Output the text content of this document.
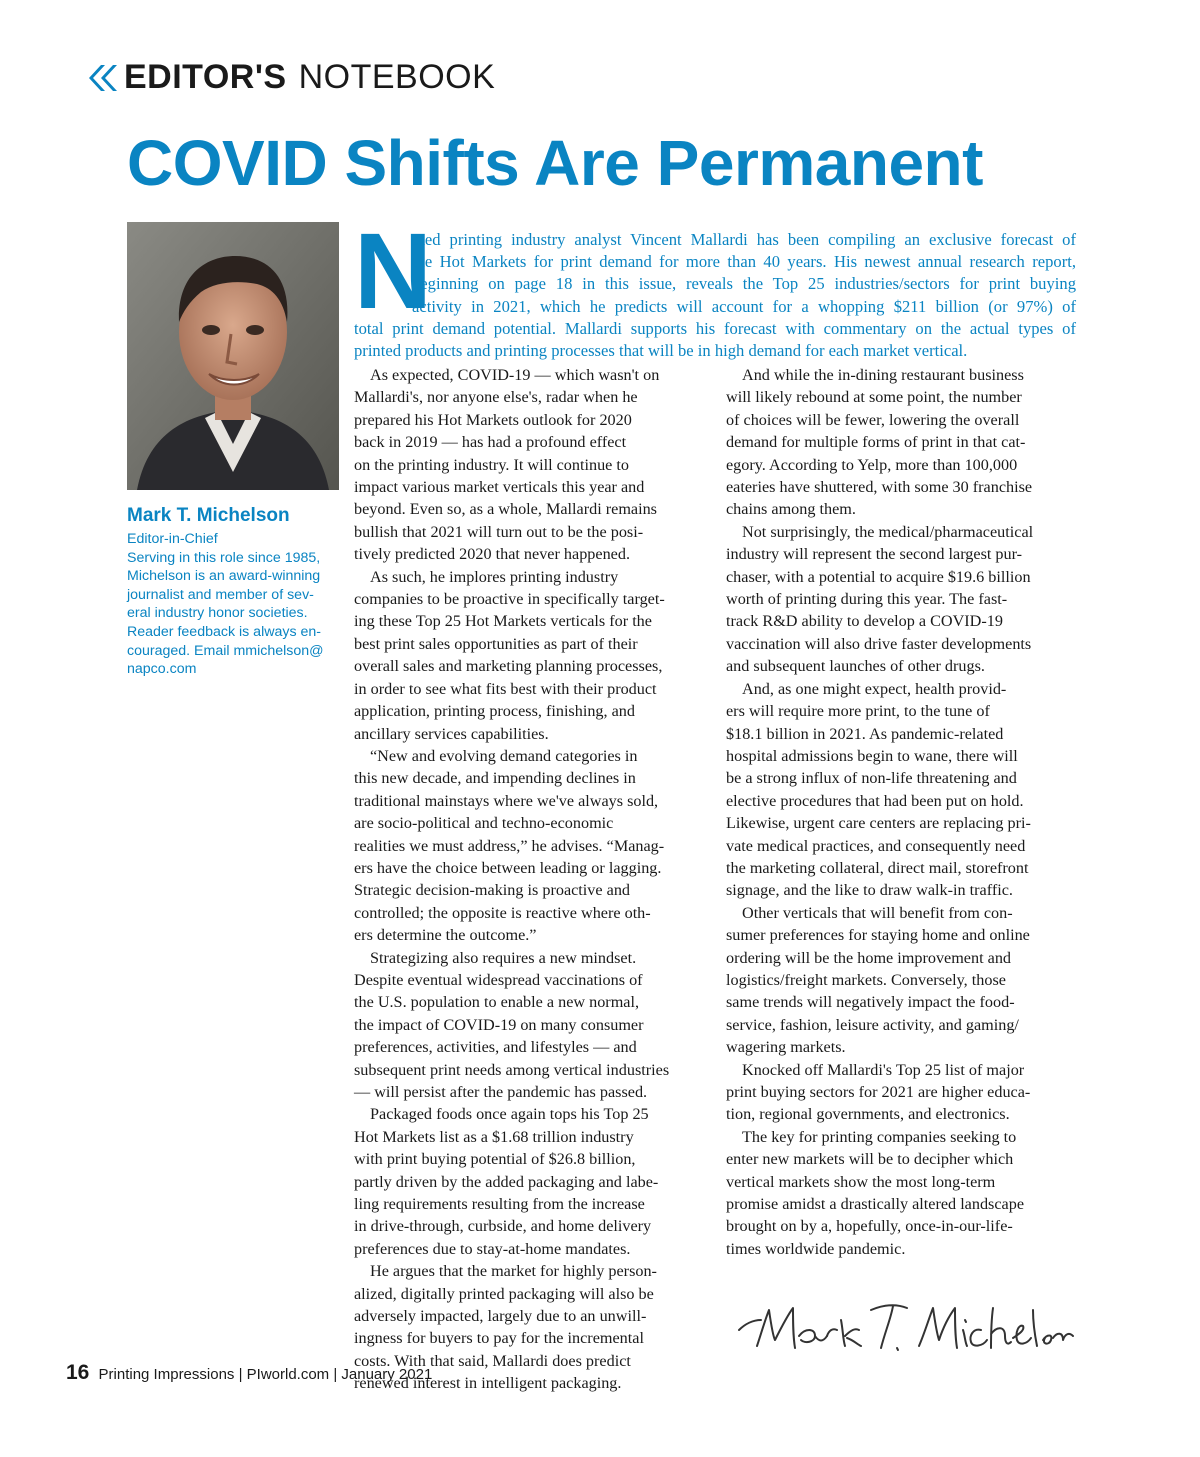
EDITOR'S NOTEBOOK
COVID Shifts Are Permanent
Mark T. Michelson
Editor-in-Chief
Serving in this role since 1985,
Michelson is an award-winning
journalist and member of sev-
eral industry honor societies.
Reader feedback is always en-
couraged. Email mmichelson@
napco.com
N
oted printing industry analyst Vincent Mallardi has been compiling an exclusive forecast of
the Hot Markets for print demand for more than 40 years. His newest annual research report,
beginning on page 18 in this issue, reveals the Top 25 industries/sectors for print buying
activity in 2021, which he predicts will account for a whopping $211 billion (or 97%) of
total print demand potential. Mallardi supports his forecast with commentary on the actual types of
printed products and printing processes that will be in high demand for each market vertical.
As expected, COVID-19 — which wasn't on
Mallardi's, nor anyone else's, radar when he
prepared his Hot Markets outlook for 2020
back in 2019 — has had a profound effect
on the printing industry. It will continue to
impact various market verticals this year and
beyond. Even so, as a whole, Mallardi remains
bullish that 2021 will turn out to be the posi-
tively predicted 2020 that never happened.
As such, he implores printing industry
companies to be proactive in specifically target-
ing these Top 25 Hot Markets verticals for the
best print sales opportunities as part of their
overall sales and marketing planning processes,
in order to see what fits best with their product
application, printing process, finishing, and
ancillary services capabilities.
“New and evolving demand categories in
this new decade, and impending declines in
traditional mainstays where we've always sold,
are socio-political and techno-economic
realities we must address,” he advises. “Manag-
ers have the choice between leading or lagging.
Strategic decision-making is proactive and
controlled; the opposite is reactive where oth-
ers determine the outcome.”
Strategizing also requires a new mindset.
Despite eventual widespread vaccinations of
the U.S. population to enable a new normal,
the impact of COVID-19 on many consumer
preferences, activities, and lifestyles — and
subsequent print needs among vertical industries
— will persist after the pandemic has passed.
Packaged foods once again tops his Top 25
Hot Markets list as a $1.68 trillion industry
with print buying potential of $26.8 billion,
partly driven by the added packaging and labe-
ling requirements resulting from the increase
in drive-through, curbside, and home delivery
preferences due to stay-at-home mandates.
He argues that the market for highly person-
alized, digitally printed packaging will also be
adversely impacted, largely due to an unwill-
ingness for buyers to pay for the incremental
costs. With that said, Mallardi does predict
renewed interest in intelligent packaging.
And while the in-dining restaurant business
will likely rebound at some point, the number
of choices will be fewer, lowering the overall
demand for multiple forms of print in that cat-
egory. According to Yelp, more than 100,000
eateries have shuttered, with some 30 franchise
chains among them.
Not surprisingly, the medical/pharmaceutical
industry will represent the second largest pur-
chaser, with a potential to acquire $19.6 billion
worth of printing during this year. The fast-
track R&D ability to develop a COVID-19
vaccination will also drive faster developments
and subsequent launches of other drugs.
And, as one might expect, health provid-
ers will require more print, to the tune of
$18.1 billion in 2021. As pandemic-related
hospital admissions begin to wane, there will
be a strong influx of non-life threatening and
elective procedures that had been put on hold.
Likewise, urgent care centers are replacing pri-
vate medical practices, and consequently need
the marketing collateral, direct mail, storefront
signage, and the like to draw walk-in traffic.
Other verticals that will benefit from con-
sumer preferences for staying home and online
ordering will be the home improvement and
logistics/freight markets. Conversely, those
same trends will negatively impact the food-
service, fashion, leisure activity, and gaming/
wagering markets.
Knocked off Mallardi's Top 25 list of major
print buying sectors for 2021 are higher educa-
tion, regional governments, and electronics.
The key for printing companies seeking to
enter new markets will be to decipher which
vertical markets show the most long-term
promise amidst a drastically altered landscape
brought on by a, hopefully, once-in-our-life-
times worldwide pandemic.
16 Printing Impressions | PIworld.com | January 2021
